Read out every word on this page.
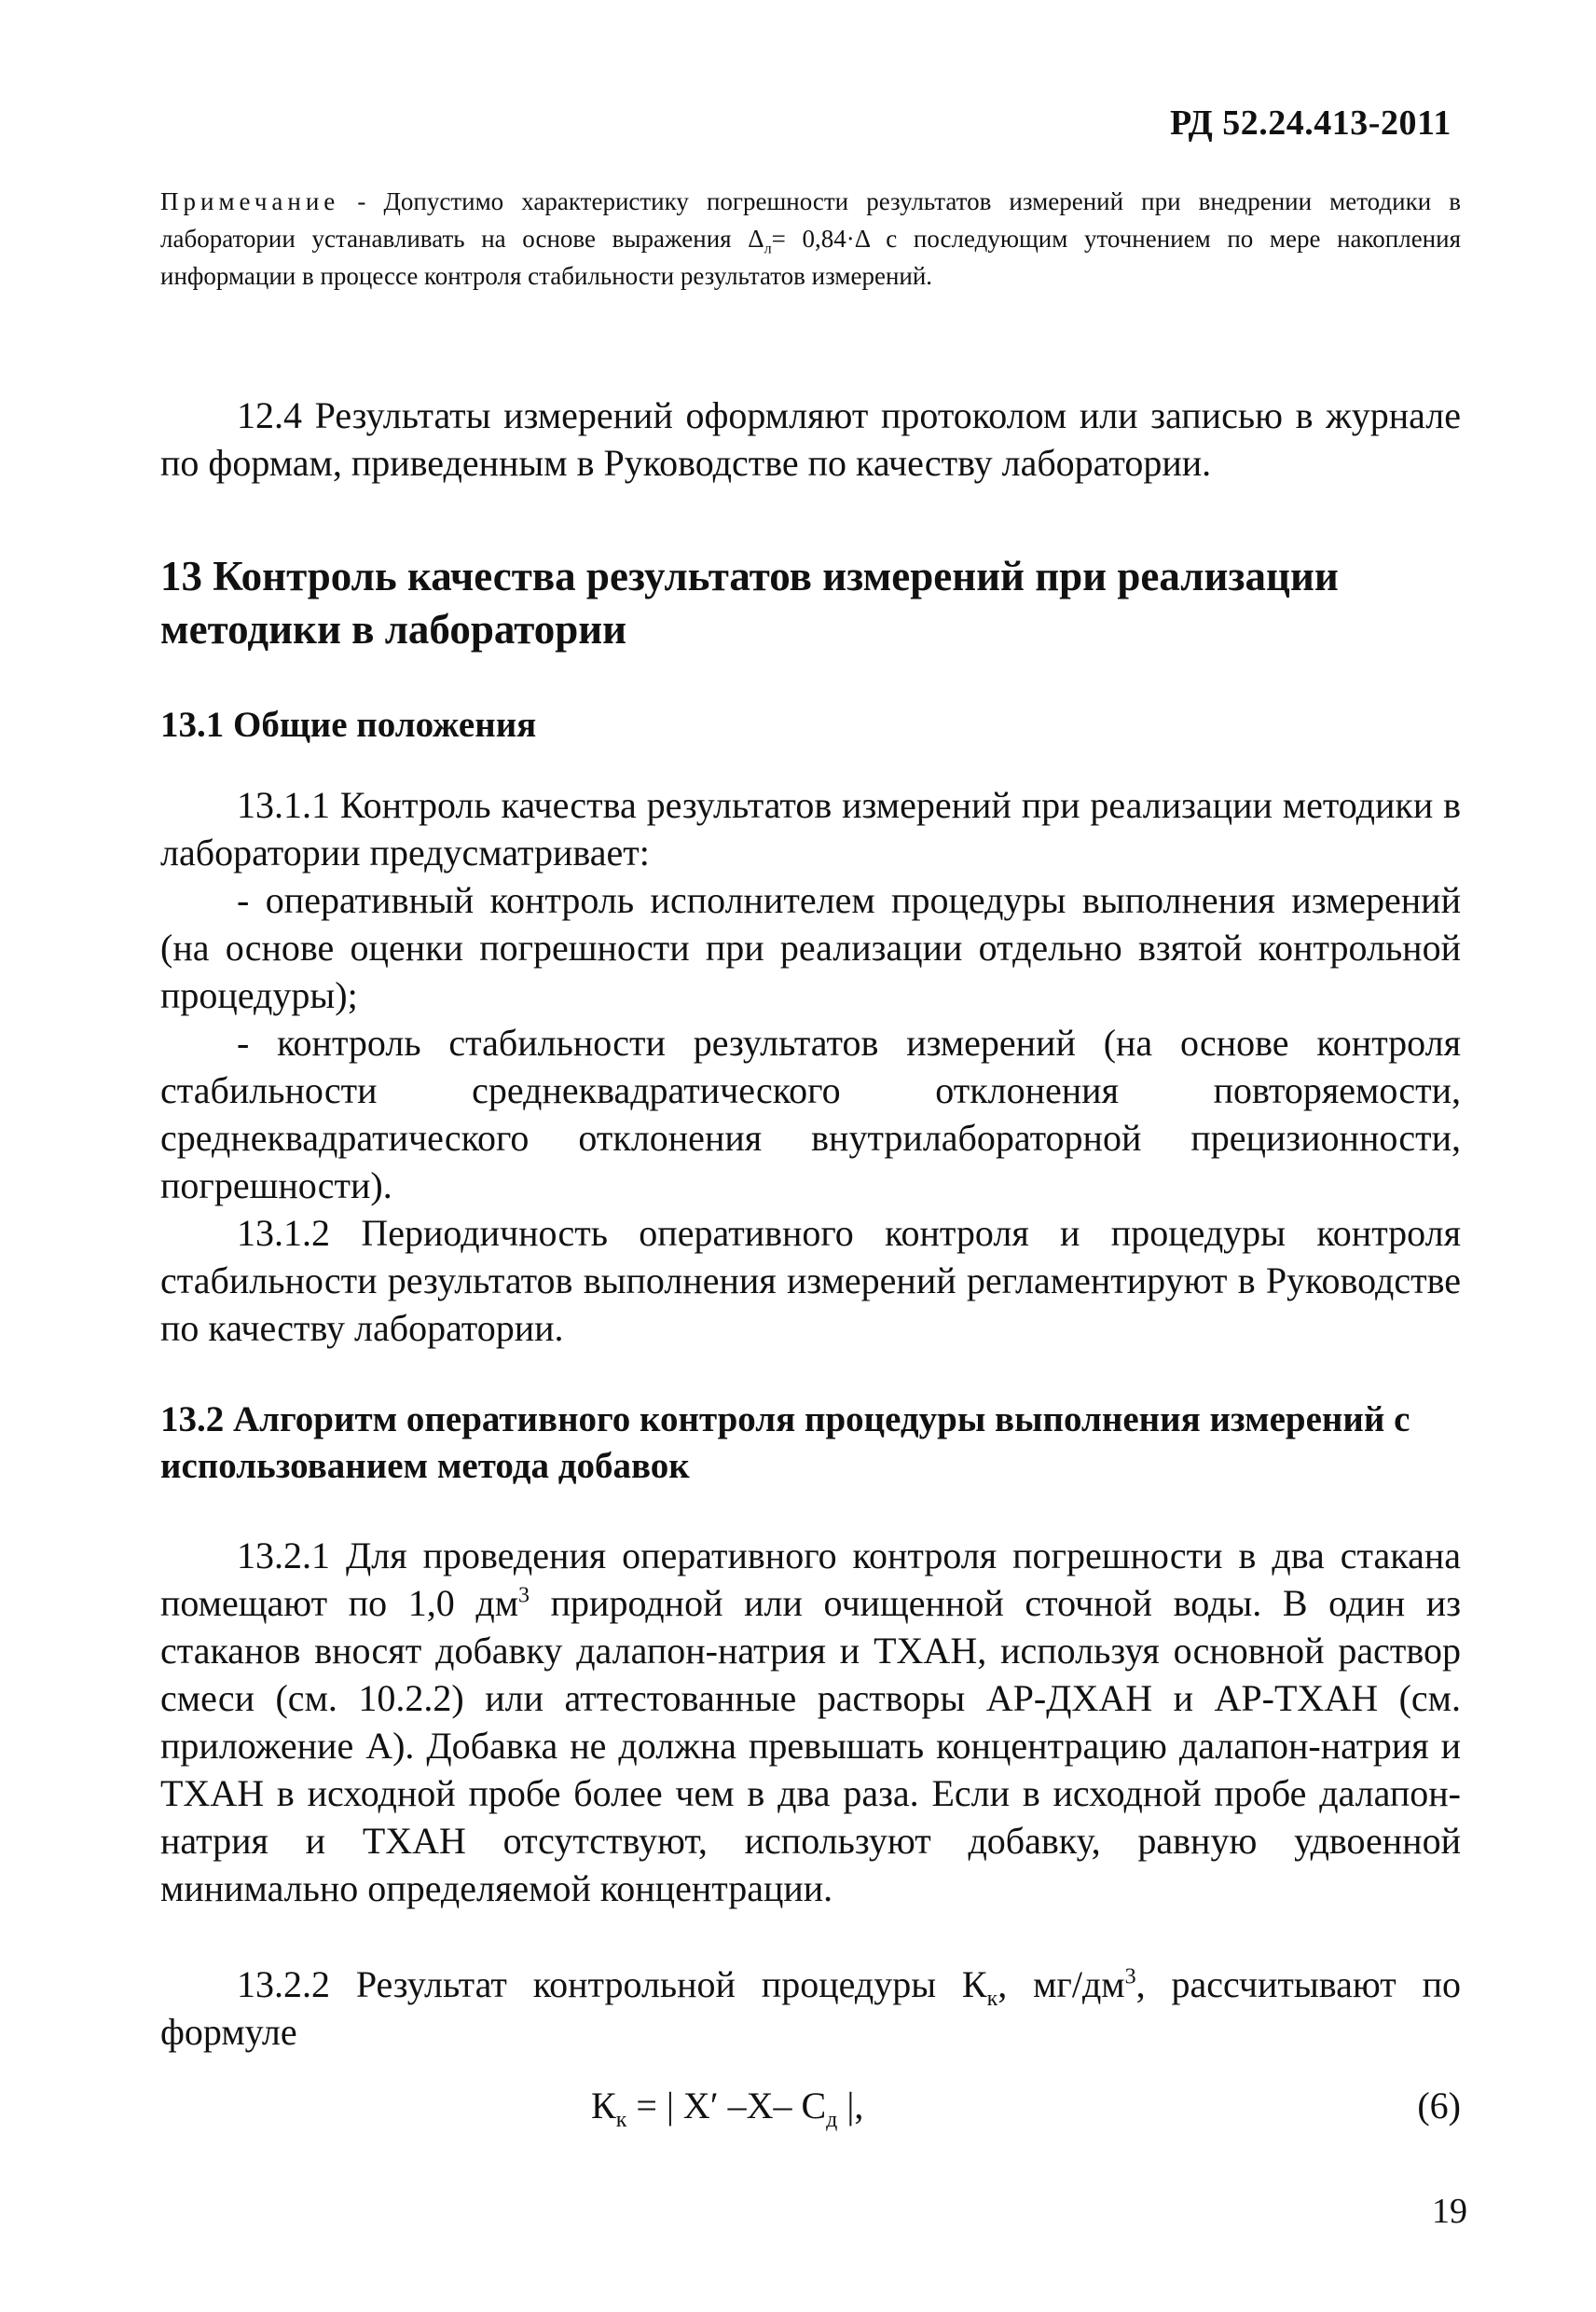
РД 52.24.413-2011

Примечание - Допустимо характеристику погрешности результатов измерений при внедрении методики в лаборатории устанавливать на основе выражения $\Delta_л= 0,84\cdot\Delta$ с последующим уточнением по мере накопления информации в процессе контроля стабильности результатов измерений.

12.4 Результаты измерений оформляют протоколом или записью в журнале по формам, приведенным в Руководстве по качеству лаборатории.

13 Контроль качества результатов измерений при реализации методики в лаборатории
13.1 Общие положения

13.1.1 Контроль качества результатов измерений при реализации методики в лаборатории предусматривает:

- оперативный контроль исполнителем процедуры выполнения измерений (на основе оценки погрешности при реализации отдельно взятой контрольной процедуры);

- контроль стабильности результатов измерений (на основе контроля стабильности среднеквадратического отклонения повторяемости, среднеквадратического отклонения внутрилабораторной прецизионности, погрешности).

13.1.2 Периодичность оперативного контроля и процедуры контроля стабильности результатов выполнения измерений регламентируют в Руководстве по качеству лаборатории.

13.2 Алгоритм оперативного контроля процедуры выполнения измерений с использованием метода добавок

13.2.1 Для проведения оперативного контроля погрешности в два стакана помещают по 1,0 $дм^3$ природной или очищенной сточной воды. В один из стаканов вносят добавку далапон-натрия и ТХАН, используя основной раствор смеси (см. 10.2.2) или аттестованные растворы АР-ДХАН и АР-ТХАН (см. приложение А). Добавка не должна превышать концентрацию далапон-натрия и ТХАН в исходной пробе более чем в два раза. Если в исходной пробе далапон-натрия и ТХАН отсутствуют, используют добавку, равную удвоенной минимально определяемой концентрации.

13.2.2 Результат контрольной процедуры $К_к$, $мг/дм^3$, рассчитывают по формуле

$К_к$ = | X′ –X– $C_д$ |,	(6)
19
